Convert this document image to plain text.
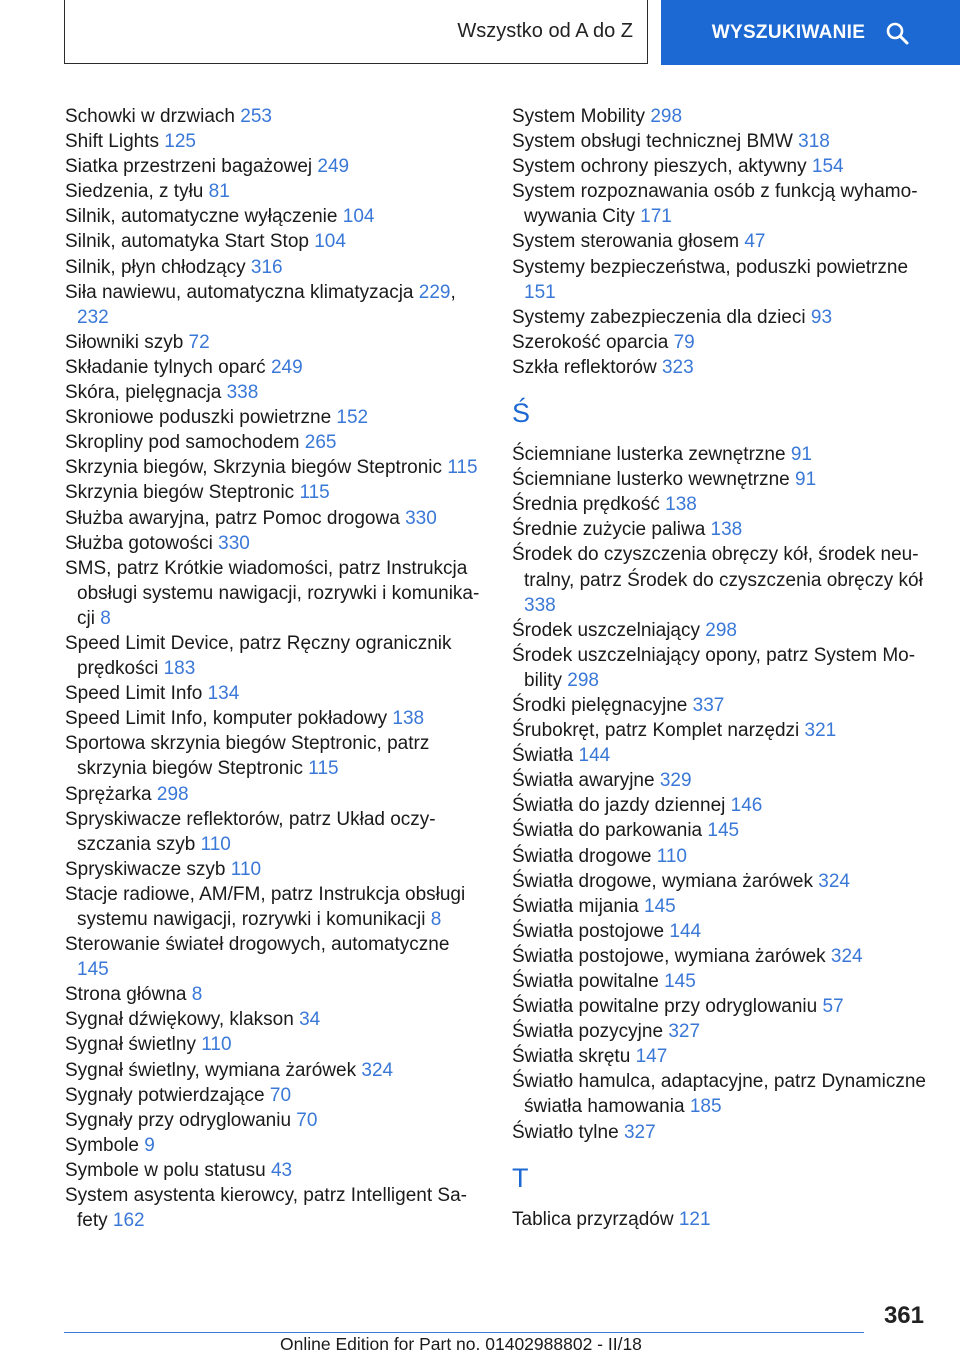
Wszystko od A do Z	WYSZUKIWANIE
Schowki w drzwiach 253
Shift Lights 125
Siatka przestrzeni bagażowej 249
Siedzenia, z tyłu 81
Silnik, automatyczne wyłączenie 104
Silnik, automatyka Start Stop 104
Silnik, płyn chłodzący 316
Siła nawiewu, automatyczna klimatyzacja 229, 232
Siłowniki szyb 72
Składanie tylnych oparć 249
Skóra, pielęgnacja 338
Skroniowe poduszki powietrzne 152
Skropliny pod samochodem 265
Skrzynia biegów, Skrzynia biegów Steptronic 115
Skrzynia biegów Steptronic 115
Służba awaryjna, patrz Pomoc drogowa 330
Służba gotowości 330
SMS, patrz Krótkie wiadomości, patrz Instrukcja obsługi systemu nawigacji, rozrywki i komunikacji 8
Speed Limit Device, patrz Ręczny ogranicznik prędkości 183
Speed Limit Info 134
Speed Limit Info, komputer pokładowy 138
Sportowa skrzynia biegów Steptronic, patrz skrzynia biegów Steptronic 115
Sprężarka 298
Spryskiwacze reflektorów, patrz Układ oczyszczania szyb 110
Spryskiwacze szyb 110
Stacje radiowe, AM/FM, patrz Instrukcja obsługi systemu nawigacji, rozrywki i komunikacji 8
Sterowanie świateł drogowych, automatyczne 145
Strona główna 8
Sygnał dźwiękowy, klakson 34
Sygnał świetlny 110
Sygnał świetlny, wymiana żarówek 324
Sygnały potwierdzające 70
Sygnały przy odryglowaniu 70
Symbole 9
Symbole w polu statusu 43
System asystenta kierowcy, patrz Intelligent Safety 162
System Mobility 298
System obsługi technicznej BMW 318
System ochrony pieszych, aktywny 154
System rozpoznawania osób z funkcją wyhamowywania City 171
System sterowania głosem 47
Systemy bezpieczeństwa, poduszki powietrzne 151
Systemy zabezpieczenia dla dzieci 93
Szerokość oparcia 79
Szkła reflektorów 323
Ś
Ściemniane lusterka zewnętrzne 91
Ściemniane lusterko wewnętrzne 91
Średnia prędkość 138
Średnie zużycie paliwa 138
Środek do czyszczenia obręczy kół, środek neutralny, patrz Środek do czyszczenia obręczy kół 338
Środek uszczelniający 298
Środek uszczelniający opony, patrz System Mobility 298
Środki pielęgnacyjne 337
Śrubokręt, patrz Komplet narzędzi 321
Światła 144
Światła awaryjne 329
Światła do jazdy dziennej 146
Światła do parkowania 145
Światła drogowe 110
Światła drogowe, wymiana żarówek 324
Światła mijania 145
Światła postojowe 144
Światła postojowe, wymiana żarówek 324
Światła powitalne 145
Światła powitalne przy odryglowaniu 57
Światła pozycyjne 327
Światła skrętu 147
Światło hamulca, adaptacyjne, patrz Dynamiczne światła hamowania 185
Światło tylne 327
T
Tablica przyrządów 121
361
Online Edition for Part no. 01402988802 - II/18
